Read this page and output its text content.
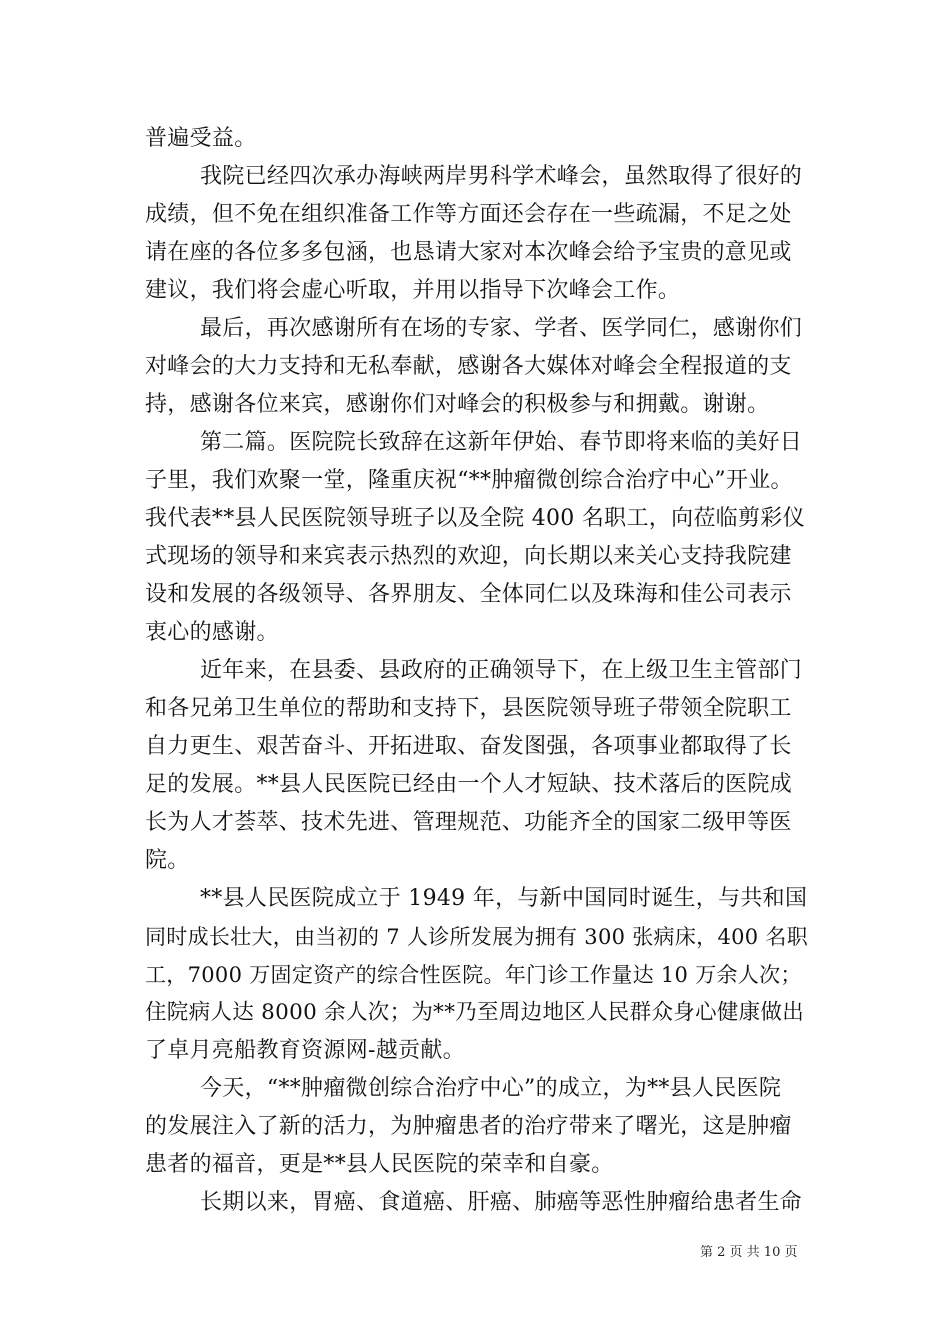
普遍受益。
我院已经四次承办海峡两岸男科学术峰会，虽然取得了很好的
成绩，但不免在组织准备工作等方面还会存在一些疏漏，不足之处
请在座的各位多多包涵，也恳请大家对本次峰会给予宝贵的意见或
建议，我们将会虚心听取，并用以指导下次峰会工作。
最后，再次感谢所有在场的专家、学者、医学同仁，感谢你们
对峰会的大力支持和无私奉献，感谢各大媒体对峰会全程报道的支
持，感谢各位来宾，感谢你们对峰会的积极参与和拥戴。谢谢。
第二篇。医院院长致辞在这新年伊始、春节即将来临的美好日
子里，我们欢聚一堂，隆重庆祝“**肿瘤微创综合治疗中心”开业。
我代表**县人民医院领导班子以及全院 400 名职工，向莅临剪彩仪
式现场的领导和来宾表示热烈的欢迎，向长期以来关心支持我院建
设和发展的各级领导、各界朋友、全体同仁以及珠海和佳公司表示
衷心的感谢。
近年来，在县委、县政府的正确领导下，在上级卫生主管部门
和各兄弟卫生单位的帮助和支持下，县医院领导班子带领全院职工
自力更生、艰苦奋斗、开拓进取、奋发图强，各项事业都取得了长
足的发展。**县人民医院已经由一个人才短缺、技术落后的医院成
长为人才荟萃、技术先进、管理规范、功能齐全的国家二级甲等医
院。
**县人民医院成立于 1949 年，与新中国同时诞生，与共和国
同时成长壮大，由当初的 7 人诊所发展为拥有 300 张病床，400 名职
工，7000 万固定资产的综合性医院。年门诊工作量达 10 万余人次；
住院病人达 8000 余人次；为**乃至周边地区人民群众身心健康做出
了卓月亮船教育资源网-越贡献。
今天，“**肿瘤微创综合治疗中心”的成立，为**县人民医院
的发展注入了新的活力，为肿瘤患者的治疗带来了曙光，这是肿瘤
患者的福音，更是**县人民医院的荣幸和自豪。
长期以来，胃癌、食道癌、肝癌、肺癌等恶性肿瘤给患者生命
第 2 页 共 10 页
